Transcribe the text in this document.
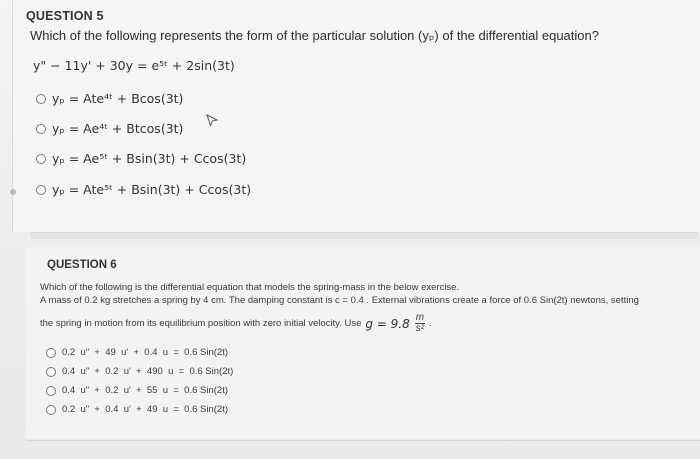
QUESTION 5
Which of the following represents the form of the particular solution (yₚ) of the differential equation?
y" − 11y' + 30y = e⁵ᵗ + 2sin(3t)
yₚ = Ate⁴ᵗ + Bcos(3t)
yₚ = Ae⁴ᵗ + Btcos(3t)
yₚ = Ae⁵ᵗ + Bsin(3t) + Ccos(3t)
yₚ = Ate⁵ᵗ + Bsin(3t) + Ccos(3t)
QUESTION 6
Which of the following is the differential equation that models the spring-mass in the below exercise.
A mass of 0.2 kg stretches a spring by 4 cm. The damping constant is c = 0.4 . External vibrations create a force of 0.6 Sin(2t) newtons, setting
the spring in motion from its equilibrium position with zero initial velocity. Use $g = 9.8 \frac{m}{\text{s²}}$ .
0.2  u"  +  49  u'  +  0.4  u  =  0.6 Sin(2t)
0.4  u"  +  0.2  u'  +  490  u  =  0.6 Sin(2t)
0.4  u"  +  0.2  u'  +  55  u  =  0.6 Sin(2t)
0.2  u"  +  0.4  u'  +  49  u  =  0.6 Sin(2t)
